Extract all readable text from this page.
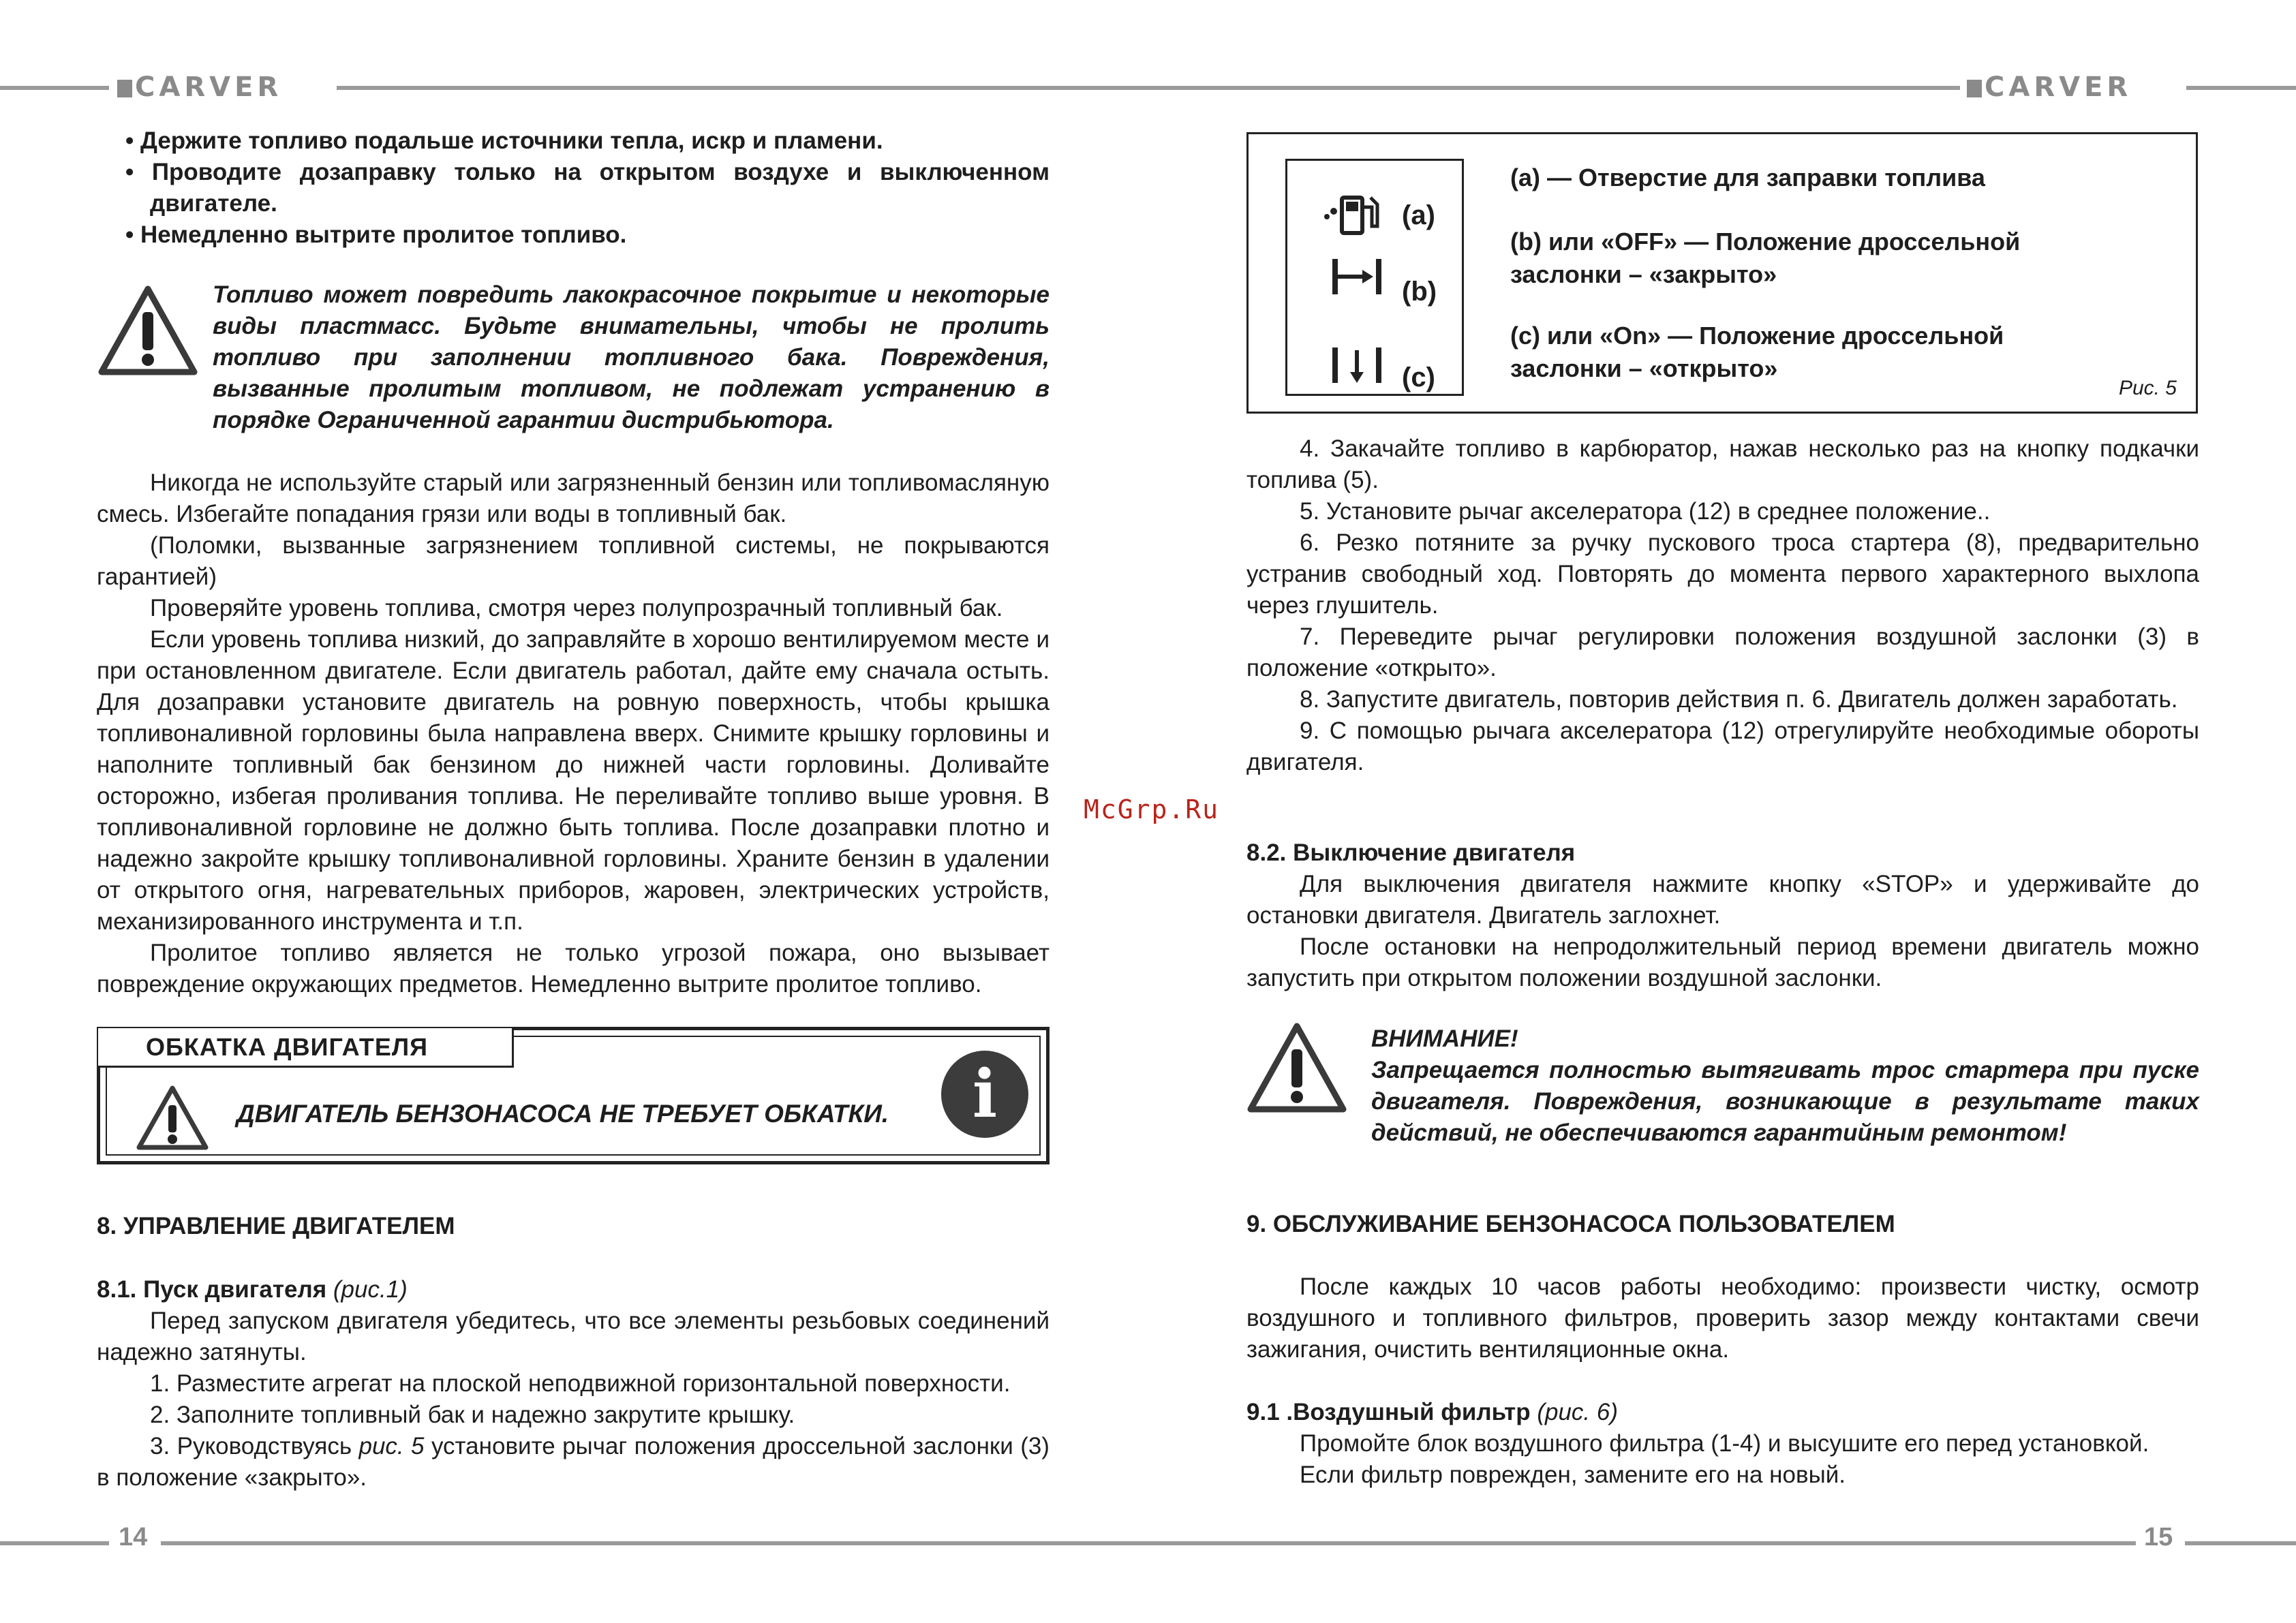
CARVER	CARVER
14	15
McGrp.Ru

• Держите топливо подальше источники тепла, искр и пламени.

• Проводите дозаправку только на открытом воздухе и выключенном двигателе.

• Немедленно вытрите пролитое топливо.

Топливо может повредить лакокрасочное покрытие и некоторые виды пластмасс. Будьте внимательны, чтобы не пролить топливо при заполнении топливного бака. Повреждения, вызванные пролитым топливом, не подлежат устранению в порядке Ограниченной гарантии дистрибьютора.

Никогда не используйте старый или загрязненный бензин или топливомасляную смесь. Избегайте попадания грязи или воды в топливный бак.

(Поломки, вызванные загрязнением топливной системы, не покрываются гарантией)

Проверяйте уровень топлива, смотря через полупрозрачный топливный бак.

Если уровень топлива низкий, до заправляйте в хорошо вентилируемом месте и при остановленном двигателе. Если двигатель работал, дайте ему сначала остыть. Для дозаправки установите двигатель на ровную поверхность, чтобы крышка топливоналивной горловины была направлена вверх. Снимите крышку горловины и наполните топливный бак бензином до нижней части горловины. Доливайте осторожно, избегая проливания топлива. Не переливайте топливо выше уровня. В топливоналивной горловине не должно быть топлива. После дозаправки плотно и надежно закройте крышку топливоналивной горловины. Храните бензин в удалении от открытого огня, нагревательных приборов, жаровен, электрических устройств, механизированного инструмента и т.п.

Пролитое топливо является не только угрозой пожара, оно вызывает повреждение окружающих предметов. Немедленно вытрите пролитое топливо.

ОБКАТКА ДВИГАТЕЛЯ
ДВИГАТЕЛЬ БЕНЗОНАСОСА НЕ ТРЕБУЕТ ОБКАТКИ.	i

8. УПРАВЛЕНИЕ ДВИГАТЕЛЕМ

8.1. Пуск двигателя (рис.1)

Перед запуском двигателя убедитесь, что все элементы резьбовых соединений надежно затянуты.

1. Разместите агрегат на плоской неподвижной горизонтальной поверхности.

2. Заполните топливный бак и надежно закрутите крышку.

3. Руководствуясь рис. 5 установите рычаг положения дроссельной заслонки (3) в положение «закрыто».

(a)
(b)
(c)
(a) — Отверстие для заправки топлива
(b) или «OFF» — Положение дроссельной заслонки – «закрыто»
(c) или «On» — Положение дроссельной заслонки – «открыто»
Рис. 5

4. Закачайте топливо в карбюратор, нажав несколько раз на кнопку подкачки топлива (5).

5. Установите рычаг акселератора (12) в среднее положение..

6. Резко потяните за ручку пускового троса стартера (8), предварительно устранив свободный ход. Повторять до момента первого характерного выхлопа через глушитель.

7. Переведите рычаг регулировки положения воздушной заслонки (3) в положение «открыто».

8. Запустите двигатель, повторив действия п. 6. Двигатель должен заработать.

9. С помощью рычага акселератора (12) отрегулируйте необходимые обороты двигателя.

8.2. Выключение двигателя

Для выключения двигателя нажмите кнопку «STOP» и удерживайте до остановки двигателя. Двигатель заглохнет.

После остановки на непродолжительный период времени двигатель можно запустить при открытом положении воздушной заслонки.

ВНИМАНИЕ!

Запрещается полностью вытягивать трос стартера при пуске двигателя. Повреждения, возникающие в результате таких действий, не обеспечиваются гарантийным ремонтом!

9. ОБСЛУЖИВАНИЕ БЕНЗОНАСОСА ПОЛЬЗОВАТЕЛЕМ

После каждых 10 часов работы необходимо: произвести чистку, осмотр воздушного и топливного фильтров, проверить зазор между контактами свечи зажигания, очистить вентиляционные окна.

9.1 .Воздушный фильтр (рис. 6)

Промойте блок воздушного фильтра (1-4) и высушите его перед установкой.

Если фильтр поврежден, замените его на новый.
